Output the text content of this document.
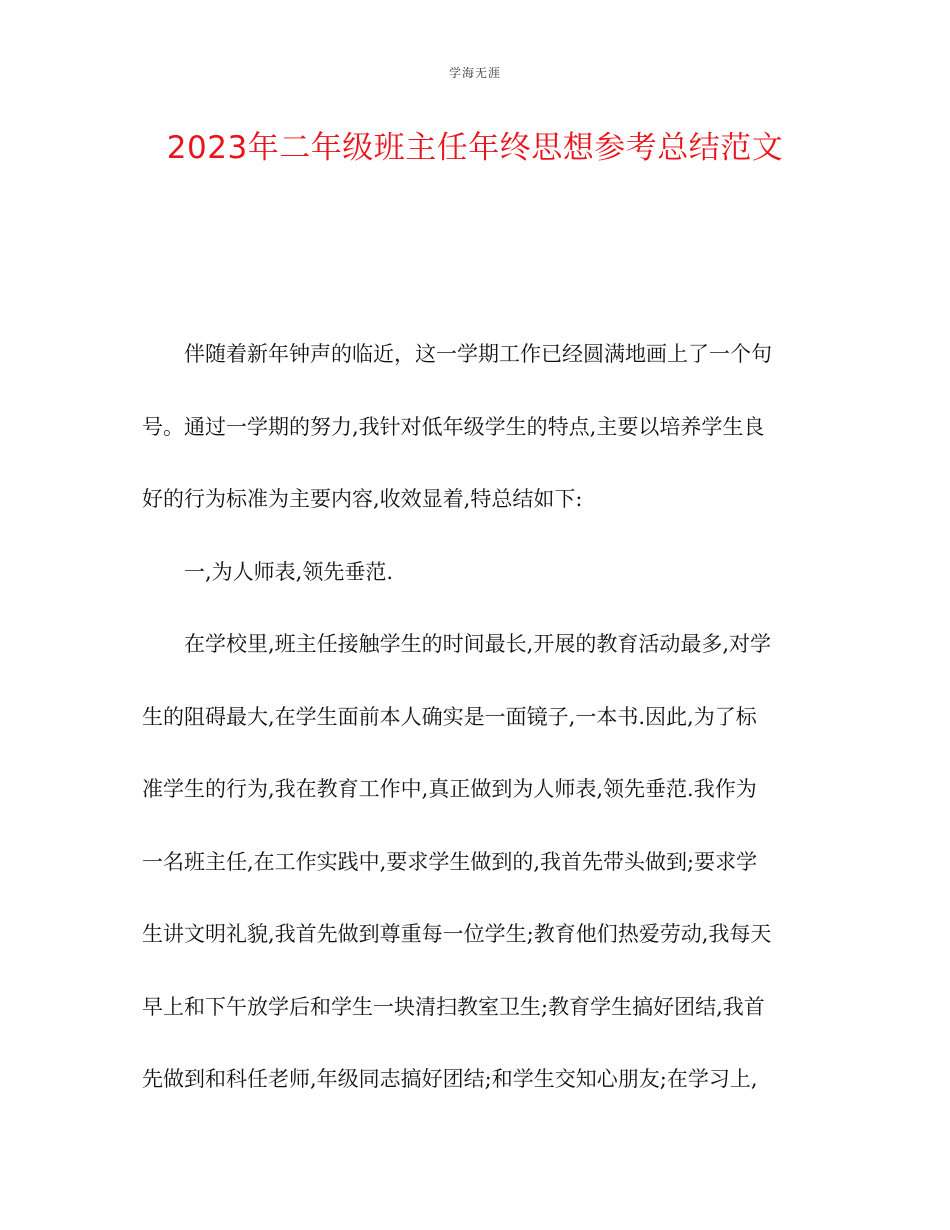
学海无涯
2023年二年级班主任年终思想参考总结范文

伴随着新年钟声的临近，这一学期工作已经圆满地画上了一个句
号。通过一学期的努力,我针对低年级学生的特点,主要以培养学生良
好的行为标准为主要内容,收效显着,特总结如下:

一,为人师表,领先垂范.

在学校里,班主任接触学生的时间最长,开展的教育活动最多,对学
生的阻碍最大,在学生面前本人确实是一面镜子,一本书.因此,为了标
准学生的行为,我在教育工作中,真正做到为人师表,领先垂范.我作为
一名班主任,在工作实践中,要求学生做到的,我首先带头做到;要求学
生讲文明礼貌,我首先做到尊重每一位学生;教育他们热爱劳动,我每天
早上和下午放学后和学生一块清扫教室卫生;教育学生搞好团结,我首
先做到和科任老师,年级同志搞好团结;和学生交知心朋友;在学习上,
